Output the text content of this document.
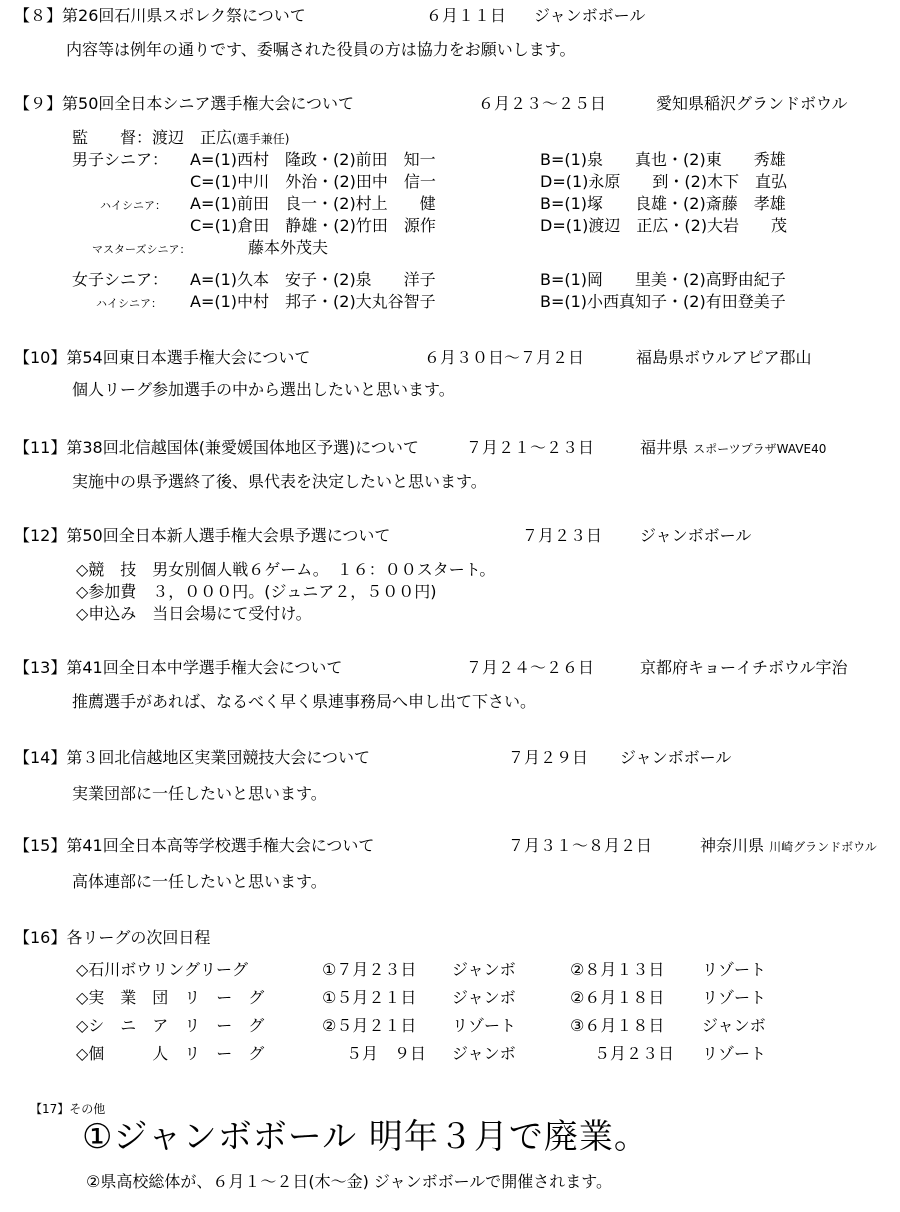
【８】第26回石川県スポレク祭について	６月１１日 ジャンボボール
内容等は例年の通りです、委嘱された役員の方は協力をお願いします。
【９】第50回全日本シニア選手権大会について	６月２３～２５日	愛知県稲沢グランドボウル
監　　督：渡辺　正広(選手兼任)
男子シニア： A=(1)西村　隆政・(2)前田　知一	B=(1)泉　　真也・(2)東　　秀雄
C=(1)中川　外治・(2)田中　信一	D=(1)永原　　到・(2)木下　直弘
ハイシニア： A=(1)前田　良一・(2)村上　　健	B=(1)塚　　良雄・(2)斎藤　孝雄
C=(1)倉田　静雄・(2)竹田　源作	D=(1)渡辺　正広・(2)大岩　　茂
マスターズシニア：	藤本外茂夫
女子シニア： A=(1)久本　安子・(2)泉　　洋子	B=(1)岡　　里美・(2)高野由紀子
ハイシニア： A=(1)中村　邦子・(2)大丸谷智子	B=(1)小西真知子・(2)有田登美子
【10】第54回東日本選手権大会について	６月３０日～７月２日	福島県ボウルアピア郡山
個人リーグ参加選手の中から選出したいと思います。
【11】第38回北信越国体(兼愛媛国体地区予選)について	７月２１～２３日	福井県 スポーツプラザWAVE40
実施中の県予選終了後、県代表を決定したいと思います。
【12】第50回全日本新人選手権大会県予選について	７月２３日 ジャンボボール
◇競　技　男女別個人戦６ゲーム。　１６：００スタート。
◇参加費　３，０００円。(ジュニア２，５００円)
◇申込み　当日会場にて受付け。
【13】第41回全日本中学選手権大会について	７月２４～２６日	京都府キョーイチボウル宇治
推薦選手があれば、なるべく早く県連事務局へ申し出て下さい。
【14】第３回北信越地区実業団競技大会について	７月２９日 ジャンボボール
実業団部に一任したいと思います。
【15】第41回全日本高等学校選手権大会について	７月３１～８月２日	神奈川県 川崎グランドボウル
高体連部に一任したいと思います。
【16】各リーグの次回日程
◇石川ボウリングリーグ	①７月２３日 ジャンボ	②８月１３日 リゾート
◇実　業　団　リ　ー　グ	①５月２１日 ジャンボ	②６月１８日 リゾート
◇シ　ニ　ア　リ　ー　グ	②５月２１日 リゾート	③６月１８日 ジャンボ
◇個　　　人　リ　ー　グ	５月　９日 ジャンボ	５月２３日 リゾート
【17】その他
①ジャンボボール 明年３月で廃業。
②県高校総体が、６月１～２日(木～金) ジャンボボールで開催されます。
